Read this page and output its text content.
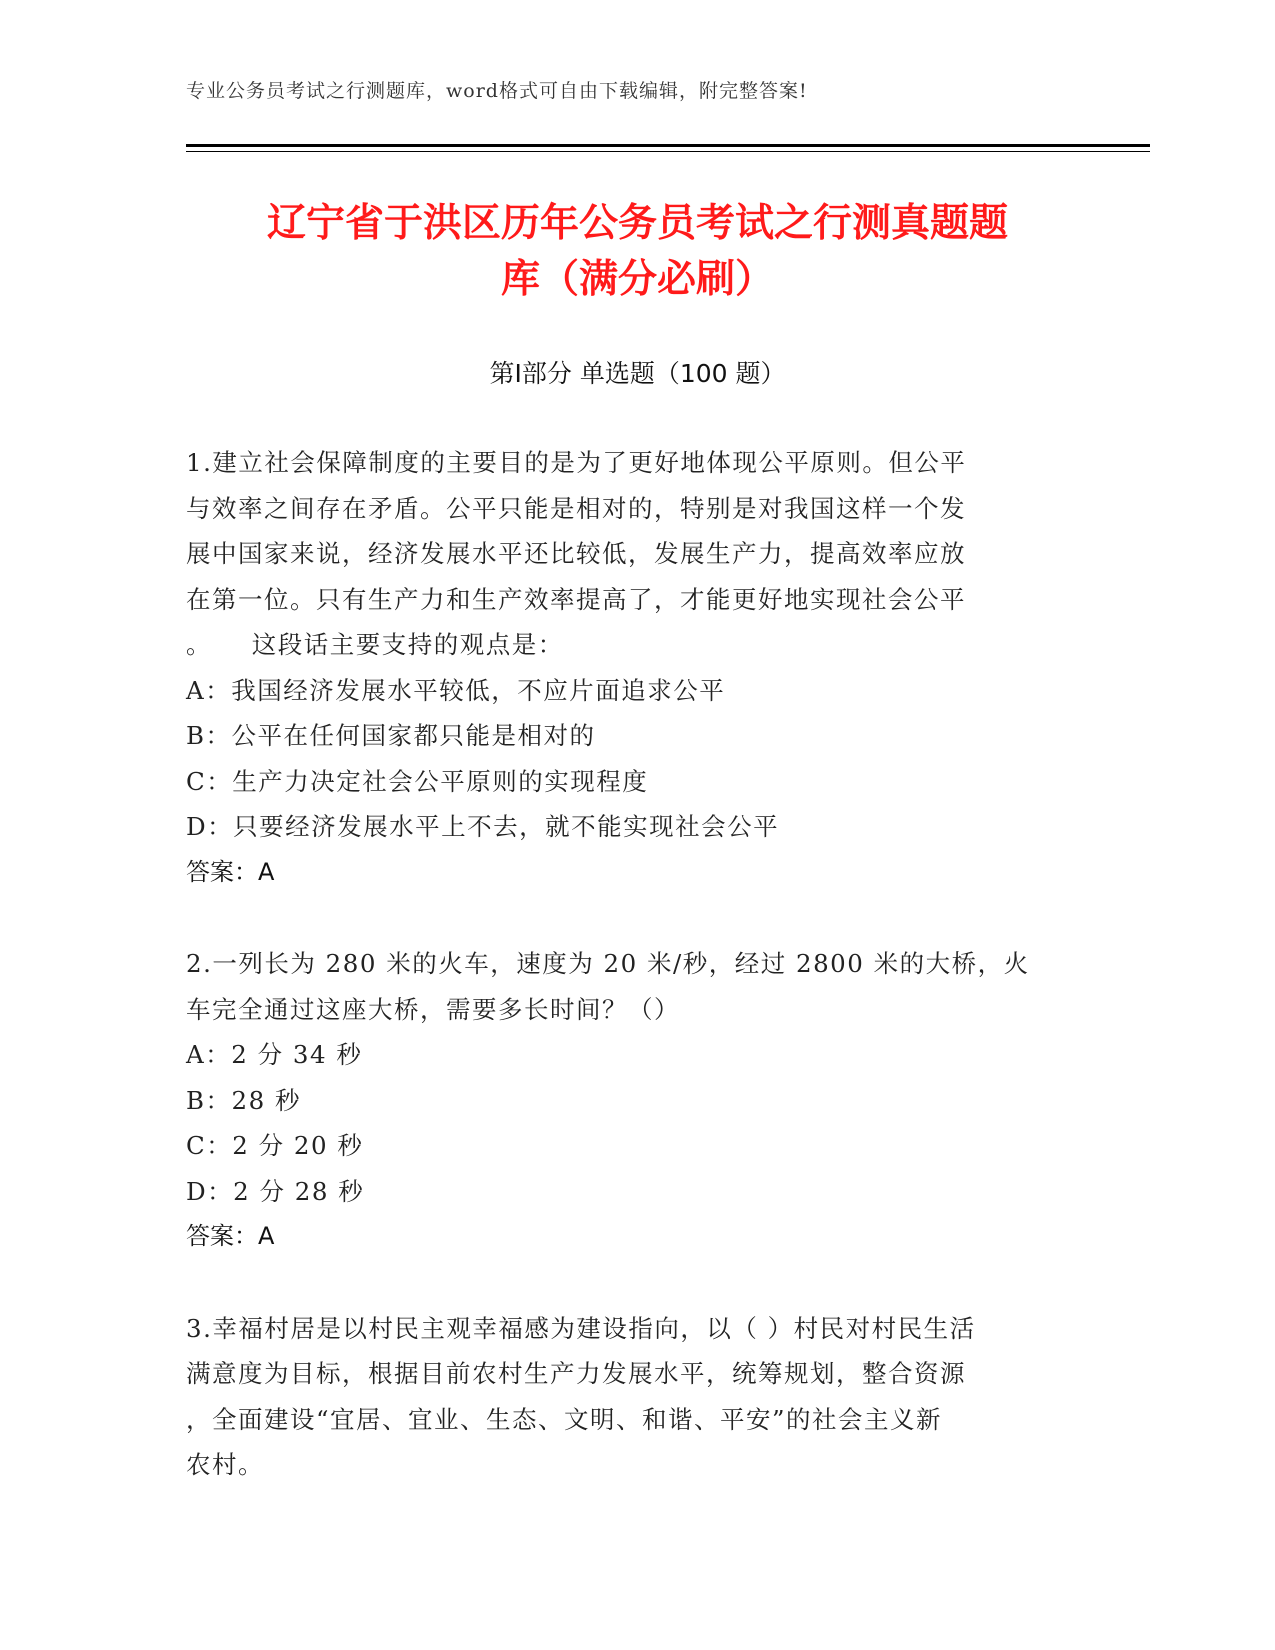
专业公务员考试之行测题库，word格式可自由下载编辑，附完整答案!
辽宁省于洪区历年公务员考试之行测真题题
库（满分必刷）
第Ⅰ部分 单选题（100 题）
1.建立社会保障制度的主要目的是为了更好地体现公平原则。但公平
与效率之间存在矛盾。公平只能是相对的，特别是对我国这样一个发
展中国家来说，经济发展水平还比较低，发展生产力，提高效率应放
在第一位。只有生产力和生产效率提高了，才能更好地实现社会公平
。　　这段话主要支持的观点是：
A：我国经济发展水平较低，不应片面追求公平
B：公平在任何国家都只能是相对的
C：生产力决定社会公平原则的实现程度
D：只要经济发展水平上不去，就不能实现社会公平
答案：A
2.一列长为 280 米的火车，速度为 20 米/秒，经过 2800 米的大桥，火
车完全通过这座大桥，需要多长时间？（）
A：2 分 34 秒
B：28 秒
C：2 分 20 秒
D：2 分 28 秒
答案：A
3.幸福村居是以村民主观幸福感为建设指向，以（ ）村民对村民生活
满意度为目标，根据目前农村生产力发展水平，统筹规划，整合资源
，全面建设“宜居、宜业、生态、文明、和谐、平安”的社会主义新
农村。
